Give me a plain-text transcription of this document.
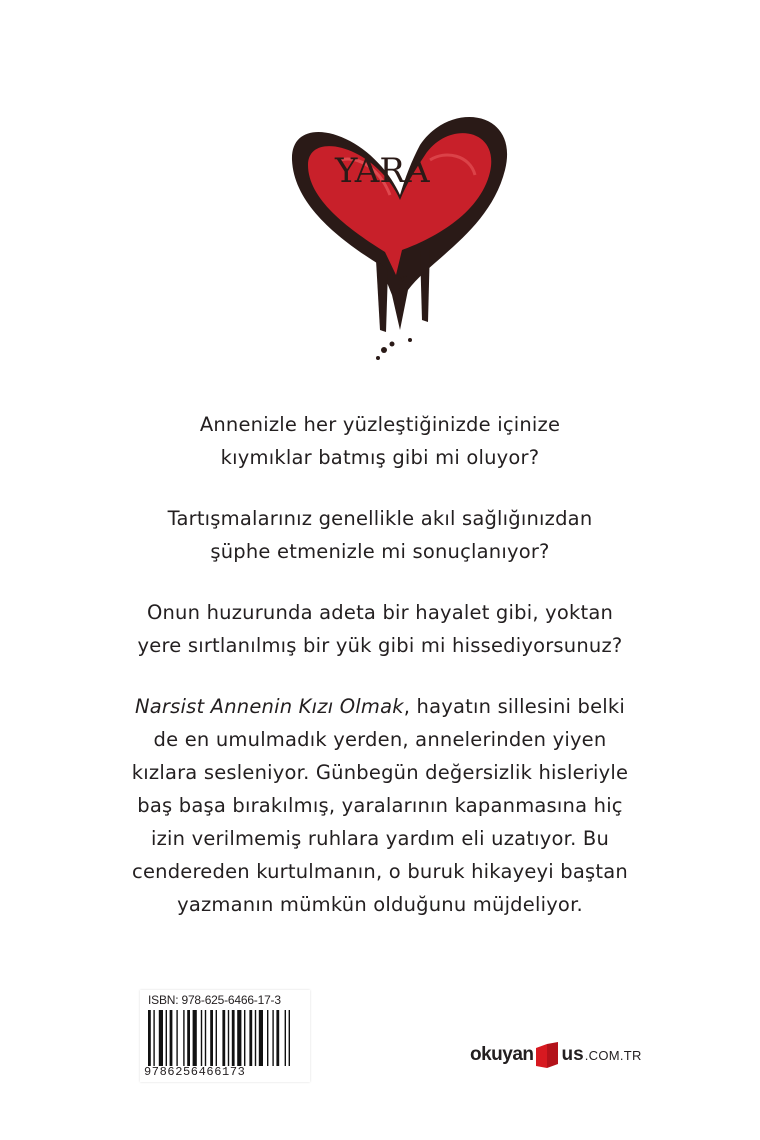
YARA
VIC

Annenizle her yüzleştiğinizde içinize
kıymıklar batmış gibi mi oluyor?

Tartışmalarınız genellikle akıl sağlığınızdan
şüphe etmenizle mi sonuçlanıyor?

Onun huzurunda adeta bir hayalet gibi, yoktan
yere sırtlanılmış bir yük gibi mi hissediyorsunuz?

Narsist Annenin Kızı Olmak, hayatın sillesini belki
de en umulmadık yerden, annelerinden yiyen
kızlara sesleniyor. Günbegün değersizlik hisleriyle
baş başa bırakılmış, yaralarının kapanmasına hiç
izin verilmemiş ruhlara yardım eli uzatıyor. Bu
cendereden kurtulmanın, o buruk hikayeyi baştan
yazmanın mümkün olduğunu müjdeliyor.

ISBN: 978-625-6466-17-3
9786256466173
okuyan us .COM.TR
